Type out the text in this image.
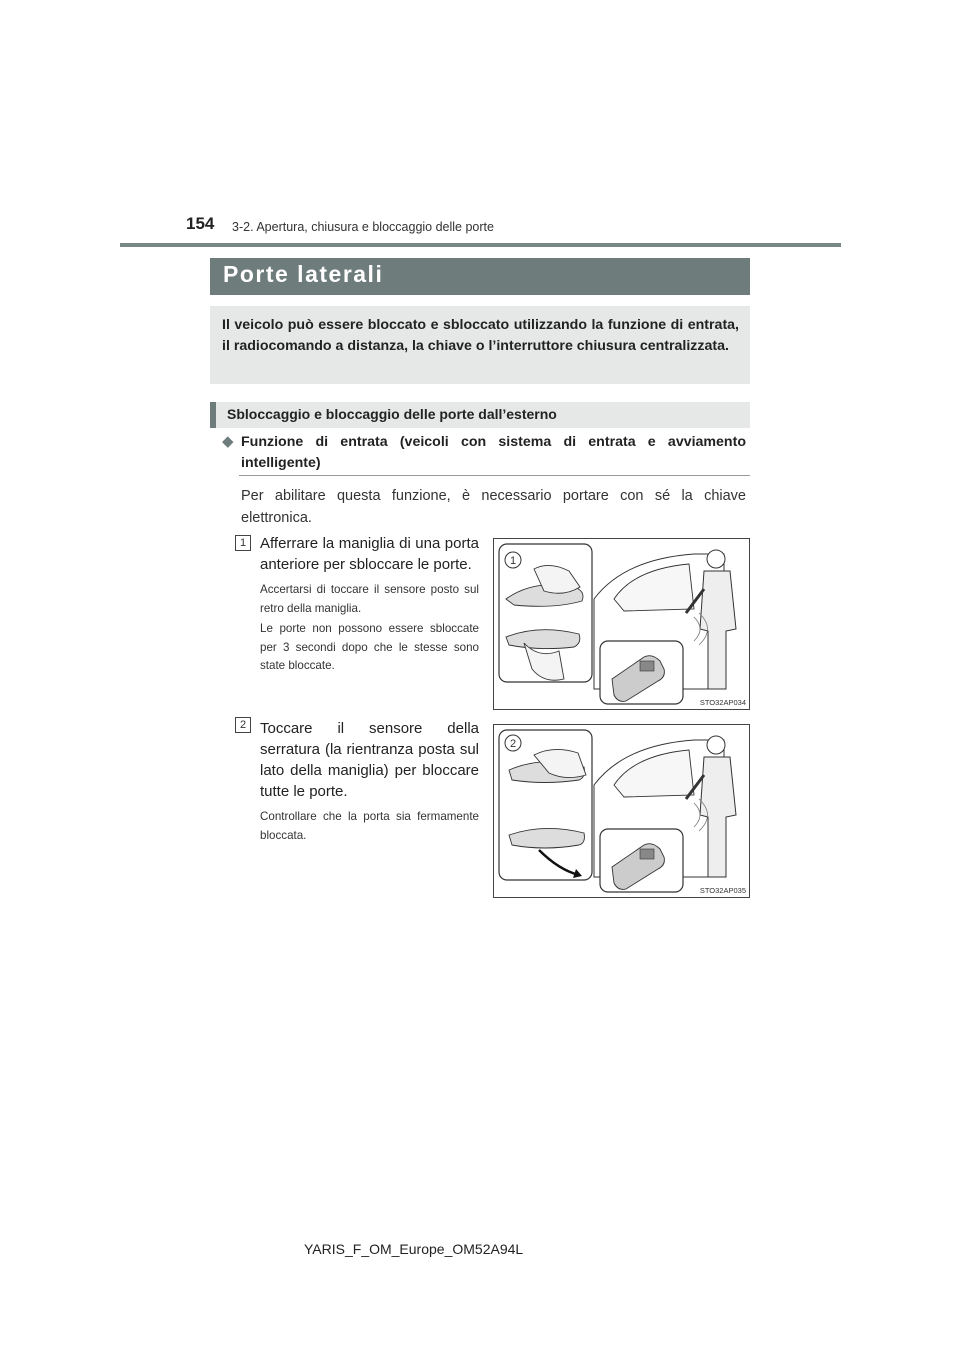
154 3-2. Apertura, chiusura e bloccaggio delle porte
Porte laterali
Il veicolo può essere bloccato e sbloccato utilizzando la funzione di entrata, il radiocomando a distanza, la chiave o l’interruttore chiusura centralizzata.
Sbloccaggio e bloccaggio delle porte dall’esterno
◆ Funzione di entrata (veicoli con sistema di entrata e avviamento intelligente)
Per abilitare questa funzione, è necessario portare con sé la chiave elettronica.
1 Afferrare la maniglia di una porta anteriore per sbloccare le porte.
Accertarsi di toccare il sensore posto sul retro della maniglia.
Le porte non possono essere sbloccate per 3 secondi dopo che le stesse sono state bloccate.
1
STO32AP034
2 Toccare il sensore della serratura (la rientranza posta sul lato della maniglia) per bloccare tutte le porte.
Controllare che la porta sia fermamente bloccata.
2
STO32AP035
YARIS_F_OM_Europe_OM52A94L
